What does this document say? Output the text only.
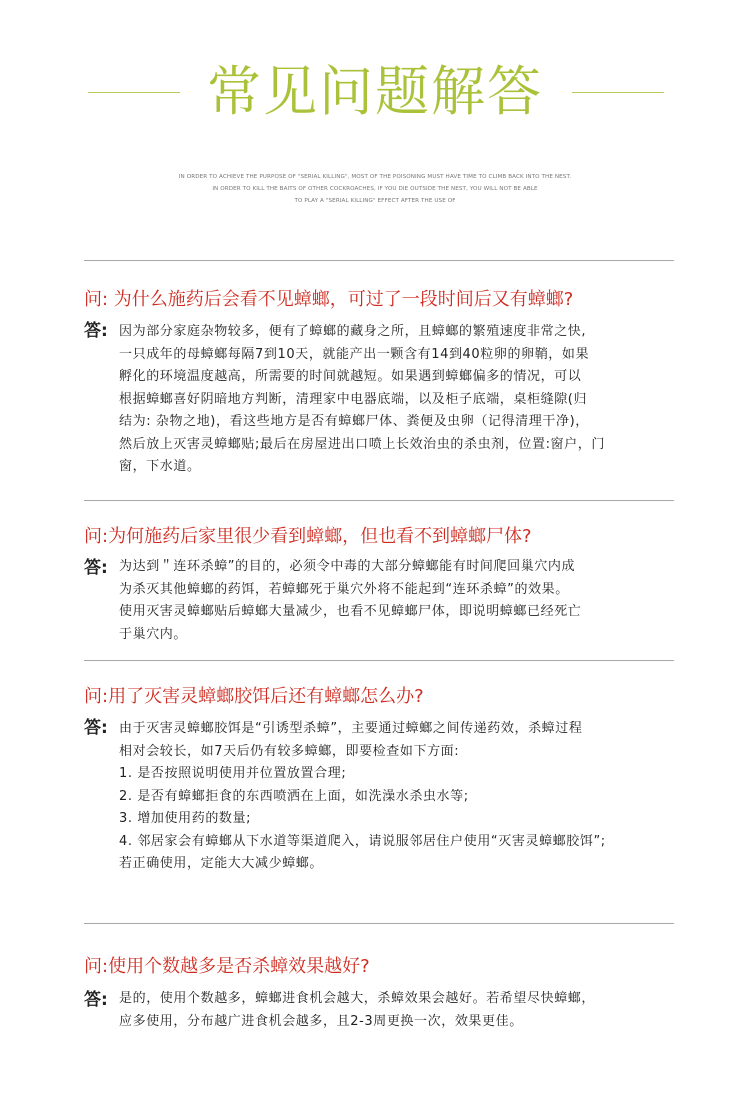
常见问题解答
IN ORDER TO ACHIEVE THE PURPOSE OF "SERIAL KILLING", MOST OF THE POISONING MUST HAVE TIME TO CLIMB BACK INTO THE NEST.
IN ORDER TO KILL THE BAITS OF OTHER COCKROACHES, IF YOU DIE OUTSIDE THE NEST, YOU WILL NOT BE ABLE
TO PLAY A "SERIAL KILLING" EFFECT AFTER THE USE OF
问: 为什么施药后会看不见蟑螂，可过了一段时间后又有蟑螂?
答: 因为部分家庭杂物较多，便有了蟑螂的藏身之所，且蟑螂的繁殖速度非常之快,
一只成年的母蟑螂每隔7到10天，就能产出一颗含有14到40粒卵的卵鞘，如果
孵化的环境温度越高，所需要的时间就越短。如果遇到蟑螂偏多的情况，可以
根据蟑螂喜好阴暗地方判断，清理家中电器底端，以及柜子底端，桌柜缝隙(归
结为: 杂物之地)，看这些地方是否有蟑螂尸体、粪便及虫卵（记得清理干净)，
然后放上灭害灵蟑螂贴;最后在房屋进出口喷上长效治虫的杀虫剂，位置:窗户，门
窗，下水道。
问:为何施药后家里很少看到蟑螂，但也看不到蟑螂尸体?
答: 为达到＂连环杀蟑”的目的，必须令中毒的大部分蟑螂能有时间爬回巢穴内成
为杀灭其他蟑螂的药饵，若蟑螂死于巢穴外将不能起到“连环杀蟑”的效果。
使用灭害灵蟑螂贴后蟑螂大量减少，也看不见蟑螂尸体，即说明蟑螂已经死亡
于巢穴内。
问:用了灭害灵蟑螂胶饵后还有蟑螂怎么办?
答: 由于灭害灵蟑螂胶饵是“引诱型杀蟑”，主要通过蟑螂之间传递药效，杀蟑过程
相对会较长，如7天后仍有较多蟑螂，即要检查如下方面:
1. 是否按照说明使用并位置放置合理;
2. 是否有蟑螂拒食的东西喷洒在上面，如洗澡水杀虫水等;
3. 增加使用药的数量;
4. 邻居家会有蟑螂从下水道等渠道爬入，请说服邻居住户使用“灭害灵蟑螂胶饵”;
若正确使用，定能大大减少蟑螂。
问:使用个数越多是否杀蟑效果越好?
答: 是的，使用个数越多，蟑螂进食机会越大，杀蟑效果会越好。若希望尽快蟑螂，
应多使用，分布越广进食机会越多，且2-3周更换一次，效果更佳。
